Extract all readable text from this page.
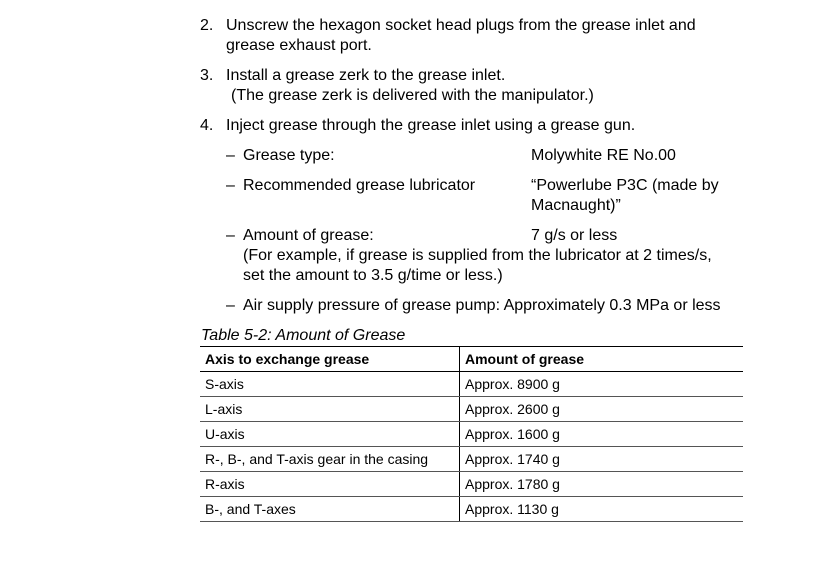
2. Unscrew the hexagon socket head plugs from the grease inlet and
grease exhaust port.
3. Install a grease zerk to the grease inlet.
(The grease zerk is delivered with the manipulator.)
4. Inject grease through the grease inlet using a grease gun.
– Grease type:	Molywhite RE No.00
– Recommended grease lubricator	“Powerlube P3C (made by
Macnaught)”
– Amount of grease:	7 g/s or less
(For example, if grease is supplied from the lubricator at 2 times/s,
set the amount to 3.5 g/time or less.)
– Air supply pressure of grease pump: Approximately 0.3 MPa or less
Table 5-2: Amount of Grease
Axis to exchange grease	Amount of grease
S-axis	Approx. 8900 g
L-axis	Approx. 2600 g
U-axis	Approx. 1600 g
R-, B-, and T-axis gear in the casing	Approx. 1740 g
R-axis	Approx. 1780 g
B-, and T-axes	Approx. 1130 g
